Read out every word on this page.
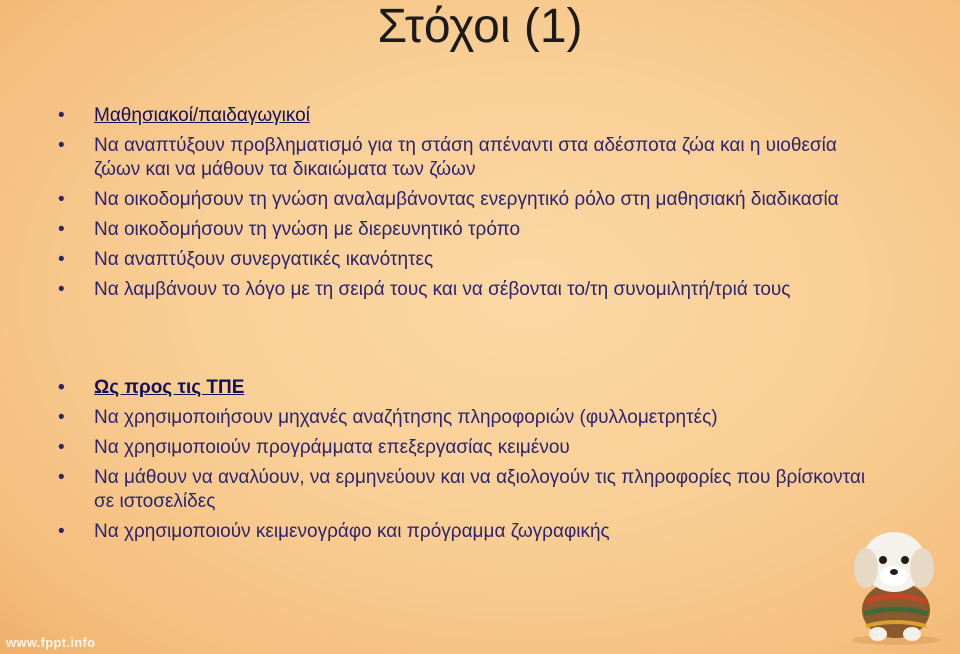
Στόχοι (1)
• Μαθησιακοί/παιδαγωγικοί
• Να αναπτύξουν προβληματισμό για τη στάση απέναντι στα αδέσποτα ζώα και η υιοθεσία ζώων και να μάθουν τα δικαιώματα των ζώων
• Να οικοδομήσουν τη γνώση αναλαμβάνοντας ενεργητικό ρόλο στη μαθησιακή διαδικασία
• Να οικοδομήσουν τη γνώση με διερευνητικό τρόπο
• Να αναπτύξουν συνεργατικές ικανότητες
• Να λαμβάνουν το λόγο με τη σειρά τους και να σέβονται το/τη συνομιλητή/τριά τους
• Ως προς τις ΤΠΕ
• Να χρησιμοποιήσουν μηχανές αναζήτησης πληροφοριών (φυλλομετρητές)
• Να χρησιμοποιούν προγράμματα επεξεργασίας κειμένου
• Να μάθουν να αναλύουν, να ερμηνεύουν και να αξιολογούν τις πληροφορίες που βρίσκονται σε ιστοσελίδες
• Να χρησιμοποιούν κειμενογράφο και πρόγραμμα ζωγραφικής
www.fppt.info
